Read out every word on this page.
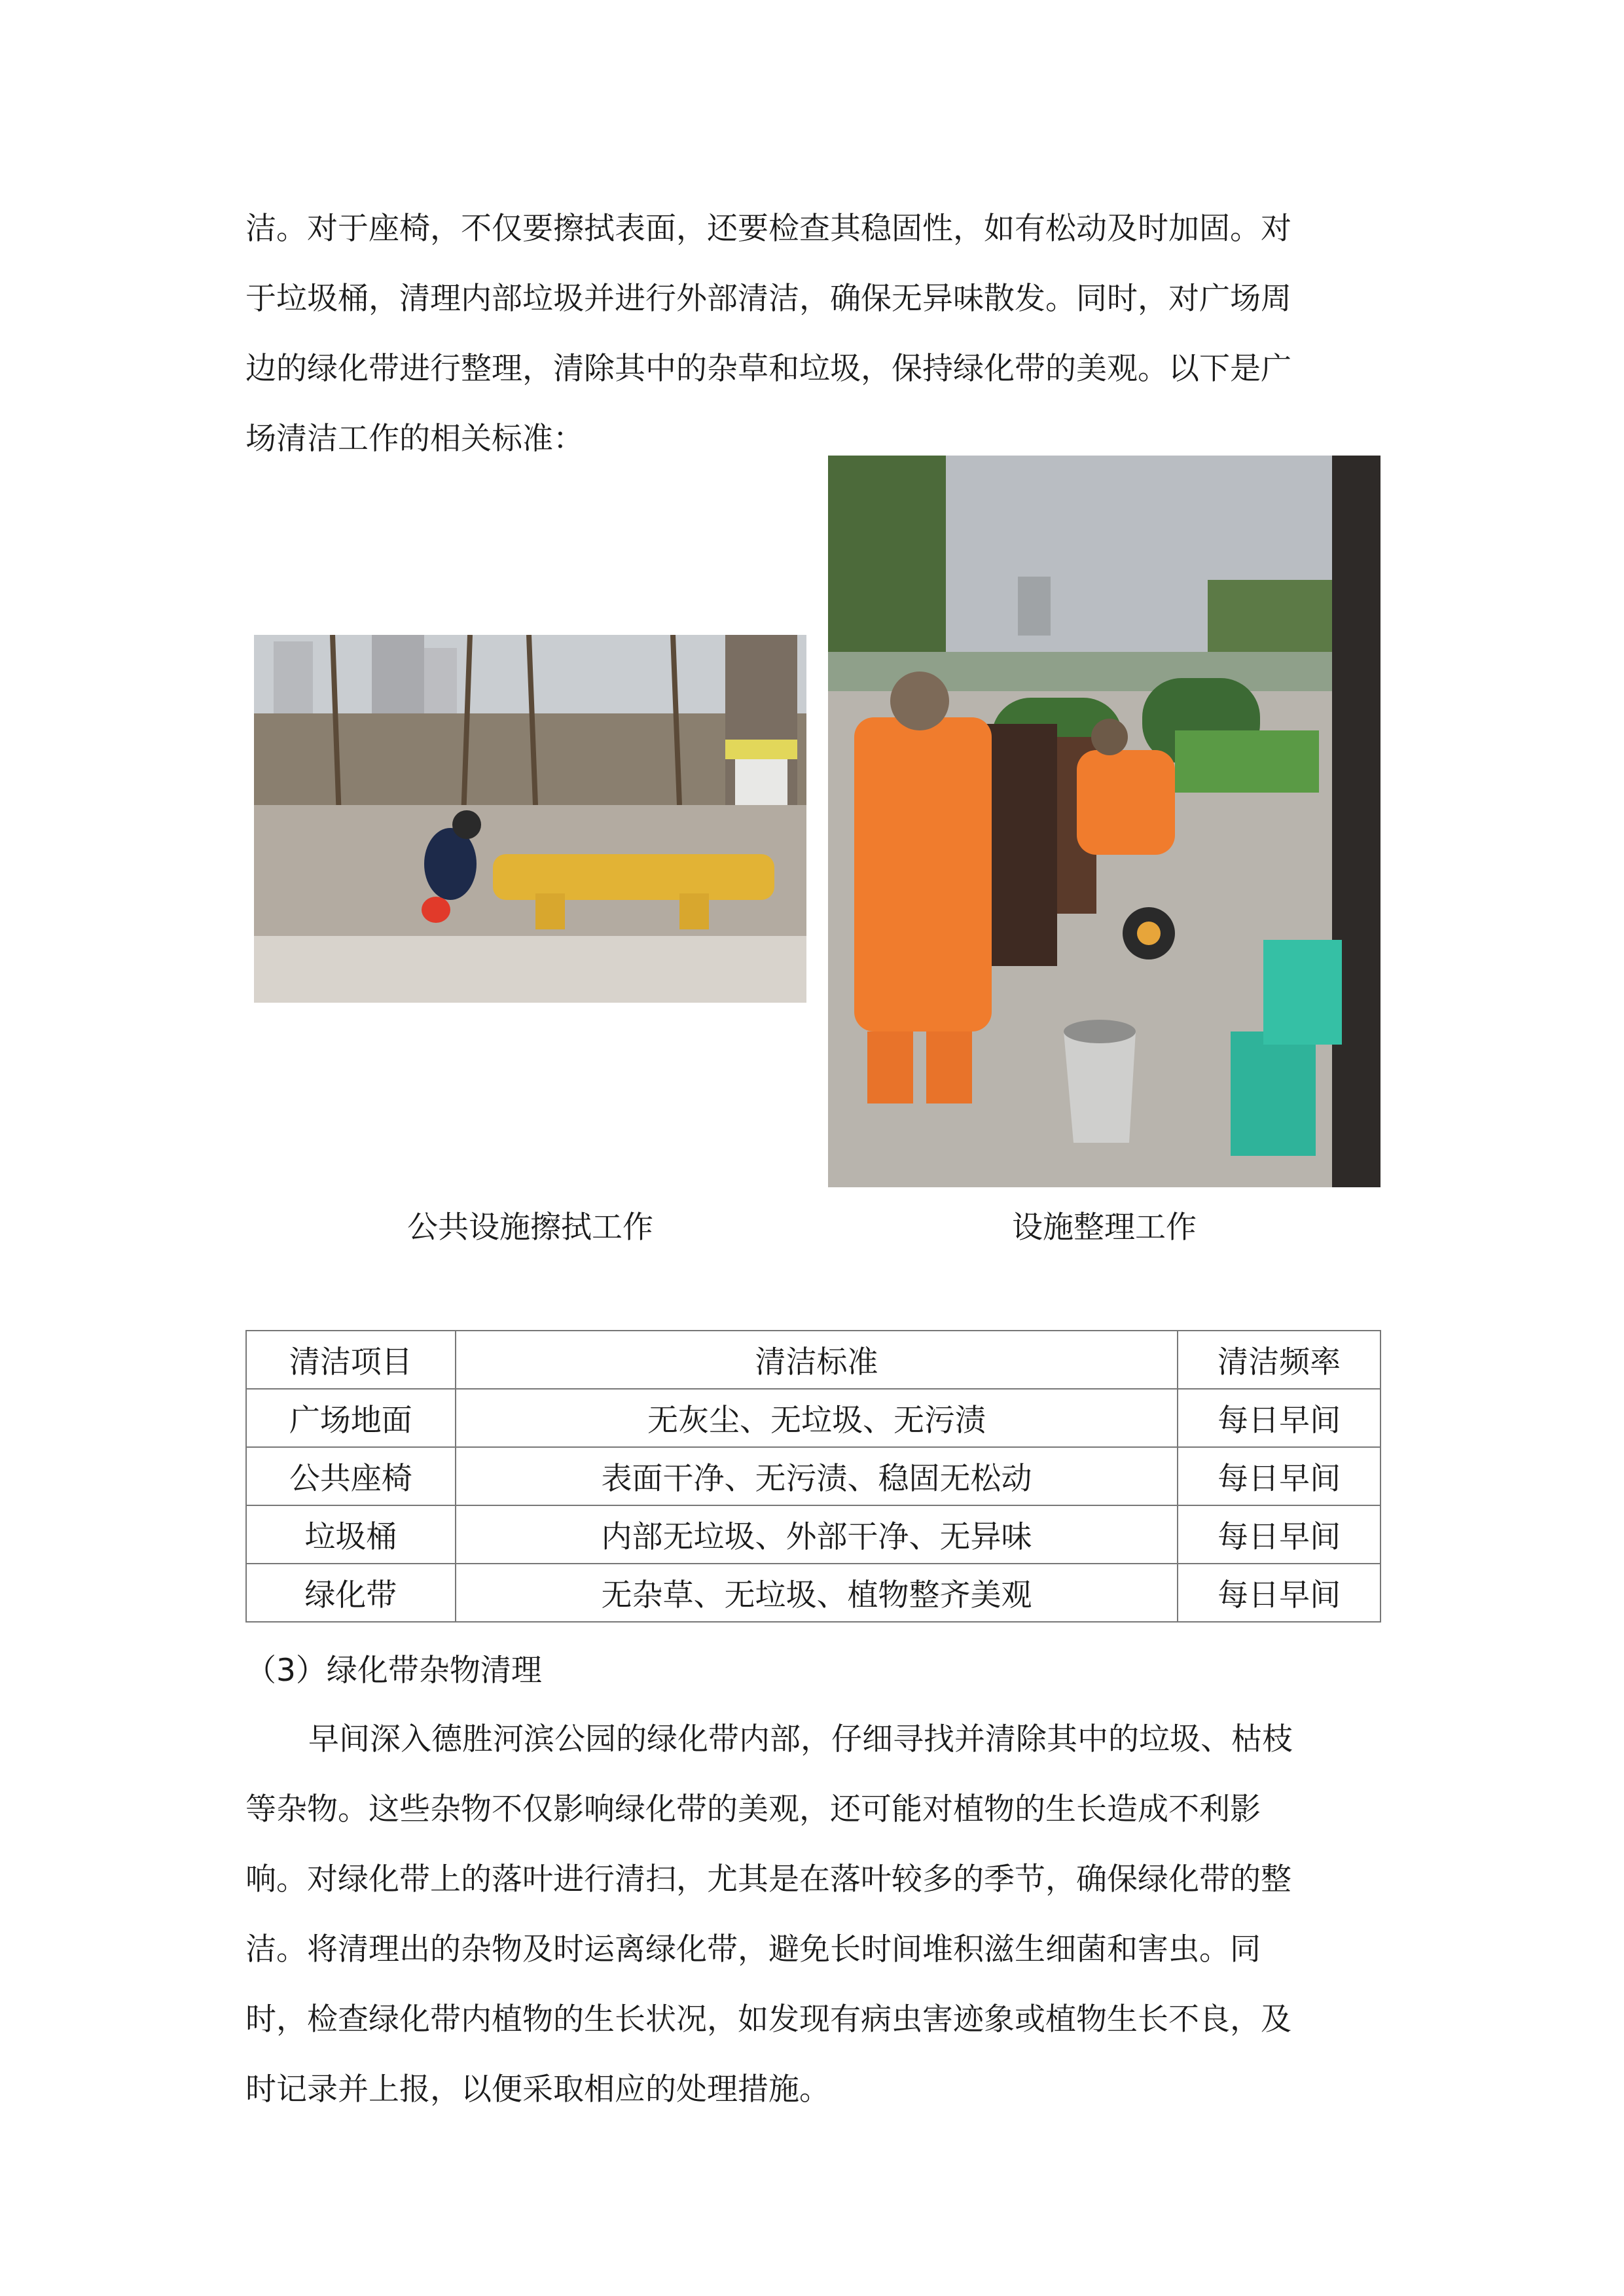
洁。对于座椅，不仅要擦拭表面，还要检查其稳固性，如有松动及时加固。对
于垃圾桶，清理内部垃圾并进行外部清洁，确保无异味散发。同时，对广场周
边的绿化带进行整理，清除其中的杂草和垃圾，保持绿化带的美观。以下是广
场清洁工作的相关标准：
公共设施擦拭工作	设施整理工作
清洁项目	清洁标准	清洁频率
广场地面	无灰尘、无垃圾、无污渍	每日早间
公共座椅	表面干净、无污渍、稳固无松动	每日早间
垃圾桶	内部无垃圾、外部干净、无异味	每日早间
绿化带	无杂草、无垃圾、植物整齐美观	每日早间
（3）绿化带杂物清理
早间深入德胜河滨公园的绿化带内部，仔细寻找并清除其中的垃圾、枯枝
等杂物。这些杂物不仅影响绿化带的美观，还可能对植物的生长造成不利影
响。对绿化带上的落叶进行清扫，尤其是在落叶较多的季节，确保绿化带的整
洁。将清理出的杂物及时运离绿化带，避免长时间堆积滋生细菌和害虫。同
时，检查绿化带内植物的生长状况，如发现有病虫害迹象或植物生长不良，及
时记录并上报，以便采取相应的处理措施。
